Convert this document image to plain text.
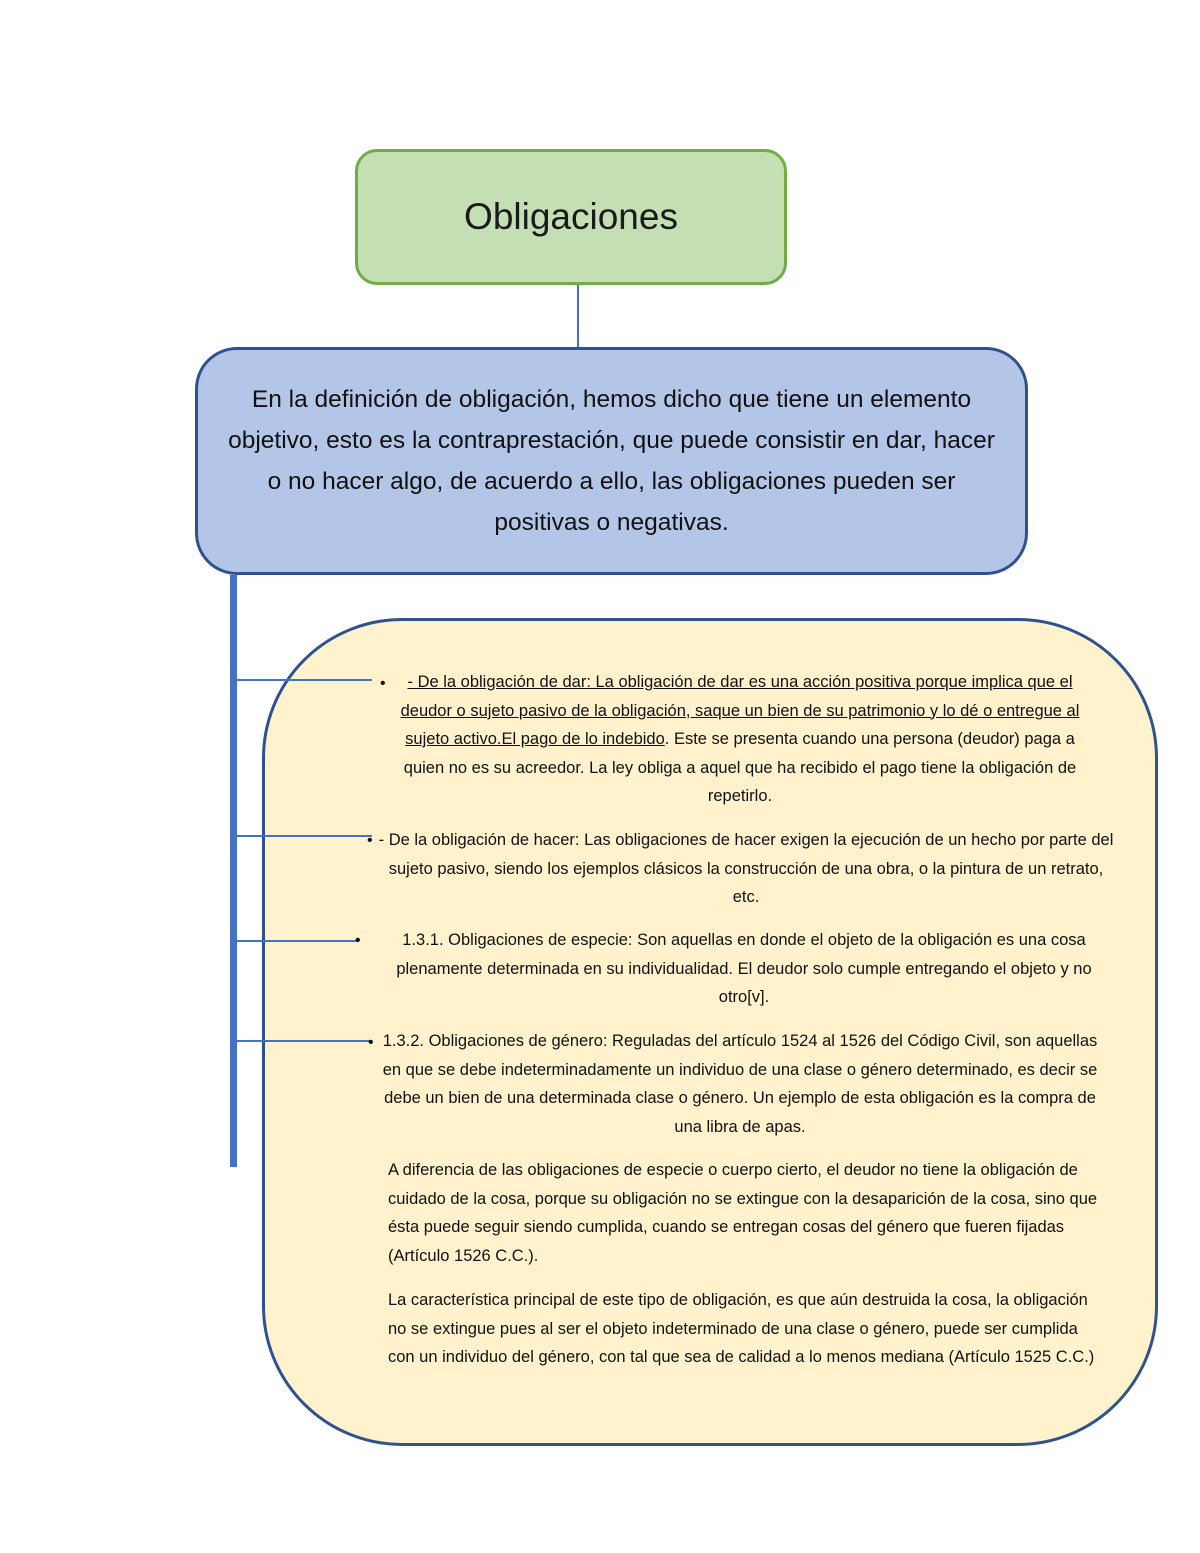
Obligaciones

En la definición de obligación, hemos dicho que tiene un elemento objetivo, esto es la contraprestación, que puede consistir en dar, hacer o no hacer algo, de acuerdo a ello, las obligaciones pueden ser positivas o negativas.

•	- De la obligación de dar: La obligación de dar es una acción positiva porque implica que el deudor o sujeto pasivo de la obligación, saque un bien de su patrimonio y lo dé o entregue al sujeto activo.El pago de lo indebido. Este se presenta cuando una persona (deudor) paga a quien no es su acreedor. La ley obliga a aquel que ha recibido el pago tiene la obligación de repetirlo.

• - De la obligación de hacer: Las obligaciones de hacer exigen la ejecución de un hecho por parte del sujeto pasivo, siendo los ejemplos clásicos la construcción de una obra, o la pintura de un retrato, etc.

•	1.3.1. Obligaciones de especie: Son aquellas en donde el objeto de la obligación es una cosa plenamente determinada en su individualidad. El deudor solo cumple entregando el objeto y no otro[v].

• 1.3.2. Obligaciones de género: Reguladas del artículo 1524 al 1526 del Código Civil, son aquellas en que se debe indeterminadamente un individuo de una clase o género determinado, es decir se debe un bien de una determinada clase o género. Un ejemplo de esta obligación es la compra de una libra de apas.

A diferencia de las obligaciones de especie o cuerpo cierto, el deudor no tiene la obligación de cuidado de la cosa, porque su obligación no se extingue con la desaparición de la cosa, sino que ésta puede seguir siendo cumplida, cuando se entregan cosas del género que fueren fijadas (Artículo 1526 C.C.).

La característica principal de este tipo de obligación, es que aún destruida la cosa, la obligación no se extingue pues al ser el objeto indeterminado de una clase o género, puede ser cumplida con un individuo del género, con tal que sea de calidad a lo menos mediana (Artículo 1525 C.C.)
